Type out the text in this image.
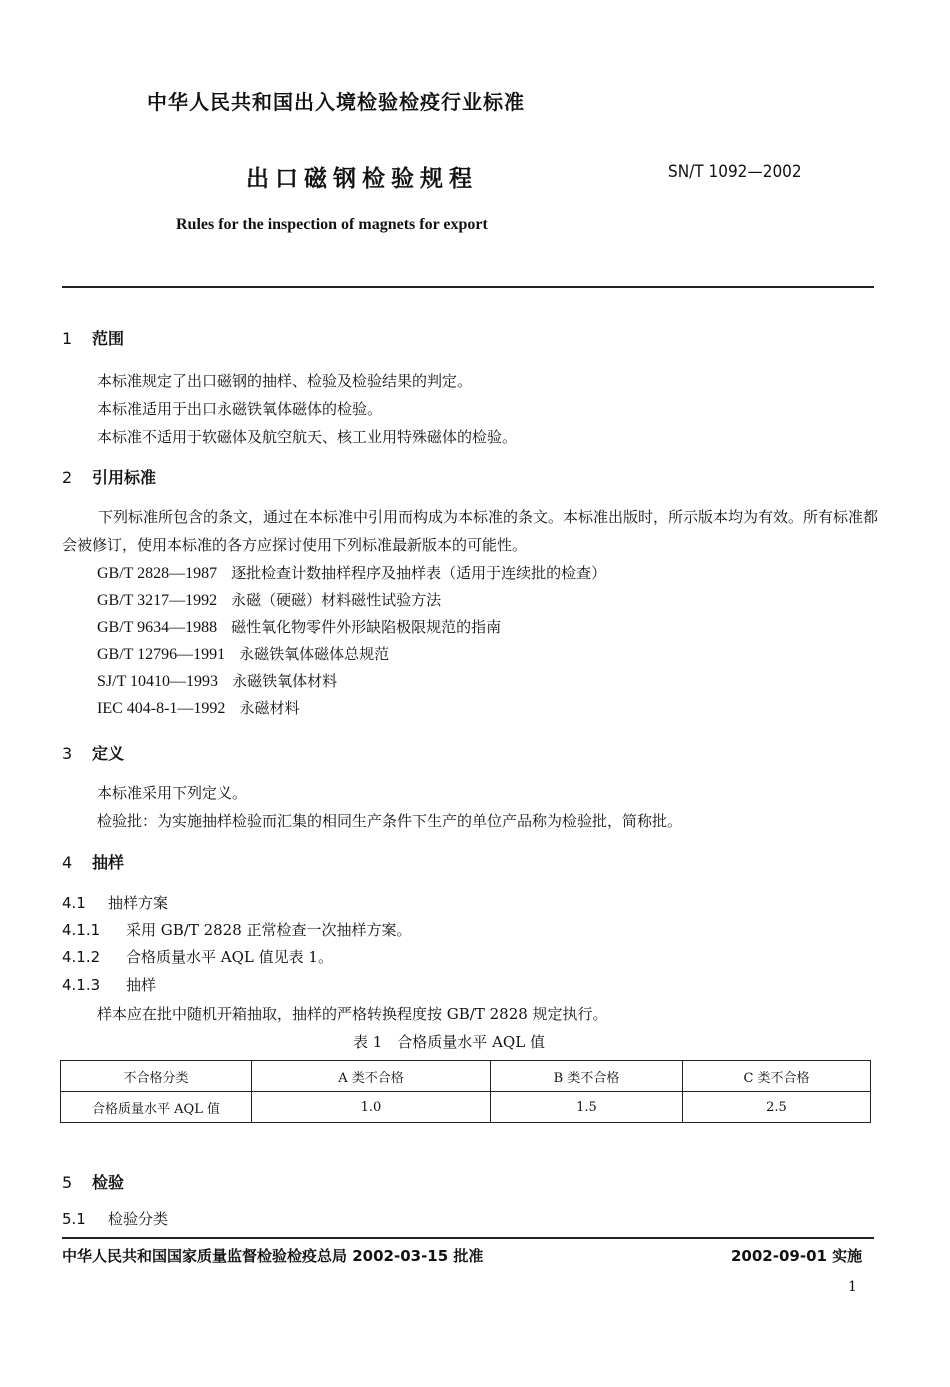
中华人民共和国出入境检验检疫行业标准
出口磁钢检验规程	SN/T 1092—2002
Rules for the inspection of magnets for export
1 范围
本标准规定了出口磁钢的抽样、检验及检验结果的判定。
本标准适用于出口永磁铁氧体磁体的检验。
本标准不适用于软磁体及航空航天、核工业用特殊磁体的检验。
2 引用标准
下列标准所包含的条文，通过在本标准中引用而构成为本标准的条文。本标准出版时，所示版本均为有效。所有标准都会被修订，使用本标准的各方应探讨使用下列标准最新版本的可能性。
GB/T 2828—1987 逐批检查计数抽样程序及抽样表（适用于连续批的检查）
GB/T 3217—1992 永磁（硬磁）材料磁性试验方法
GB/T 9634—1988 磁性氧化物零件外形缺陷极限规范的指南
GB/T 12796—1991 永磁铁氧体磁体总规范
SJ/T 10410—1993 永磁铁氧体材料
IEC 404-8-1—1992 永磁材料
3 定义
本标准采用下列定义。
检验批：为实施抽样检验而汇集的相同生产条件下生产的单位产品称为检验批，简称批。
4 抽样
4.1 抽样方案
4.1.1 采用 GB/T 2828 正常检查一次抽样方案。
4.1.2 合格质量水平 AQL 值见表 1。
4.1.3 抽样
样本应在批中随机开箱抽取，抽样的严格转换程度按 GB/T 2828 规定执行。
表 1　合格质量水平 AQL 值
不合格分类	A 类不合格	B 类不合格	C 类不合格
合格质量水平 AQL 值	1.0	1.5	2.5
5 检验
5.1 检验分类
中华人民共和国国家质量监督检验检疫总局 2002-03-15 批准	2002-09-01 实施
1
